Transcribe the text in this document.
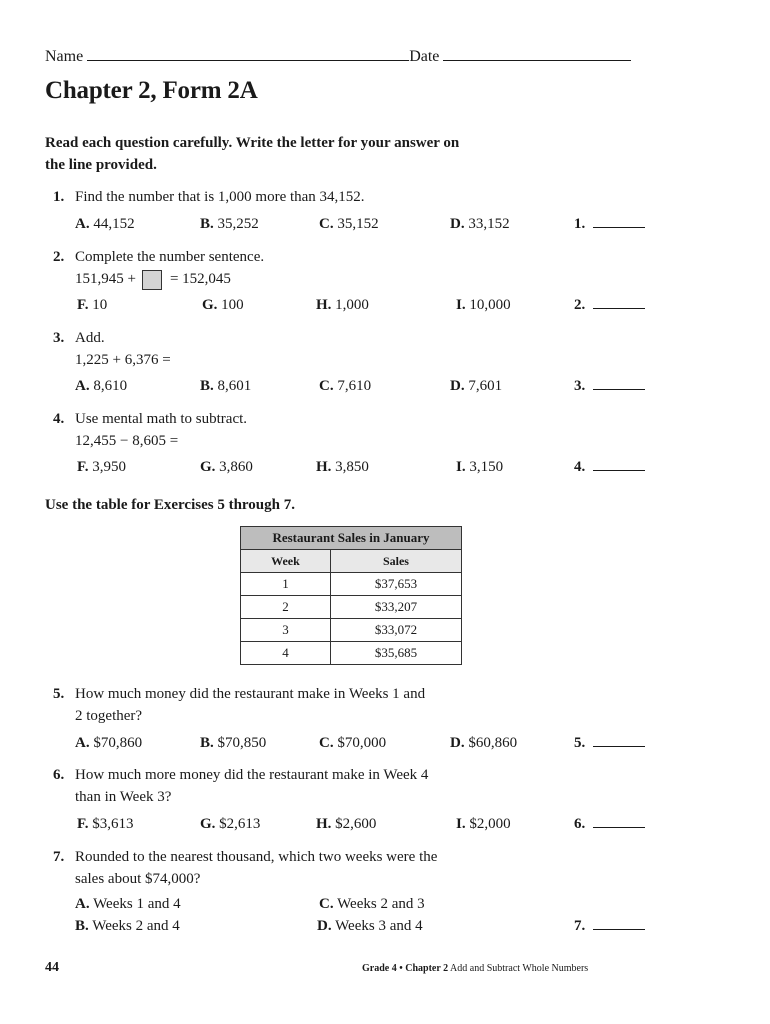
Name	Date
Chapter 2, Form 2A
Read each question carefully. Write the letter for your answer on
the line provided.
1. Find the number that is 1,000 more than 34,152.
A. 44,152	B. 35,252	C. 35,152	D. 33,152	1.
2. Complete the number sentence.
151,945 + = 152,045
F. 10	G. 100	H. 1,000	I. 10,000	2.
3. Add.
1,225 + 6,376 =
A. 8,610	B. 8,601	C. 7,610	D. 7,601	3.
4. Use mental math to subtract.
12,455 − 8,605 =
F. 3,950	G. 3,860	H. 3,850	I. 3,150	4.
Use the table for Exercises 5 through 7.
Restaurant Sales in January	
Week	Sales
1	$37,653
2	$33,207
3	$33,072
4	$35,685
5. How much money did the restaurant make in Weeks 1 and
2 together?
A. $70,860	B. $70,850	C. $70,000	D. $60,860	5.
6. How much more money did the restaurant make in Week 4
than in Week 3?
F. $3,613	G. $2,613	H. $2,600	I. $2,000	6.
7. Rounded to the nearest thousand, which two weeks were the
sales about $74,000?
A. Weeks 1 and 4	C. Weeks 2 and 3
B. Weeks 2 and 4	D. Weeks 3 and 4	7.
44	Grade 4 • Chapter 2 Add and Subtract Whole Numbers
